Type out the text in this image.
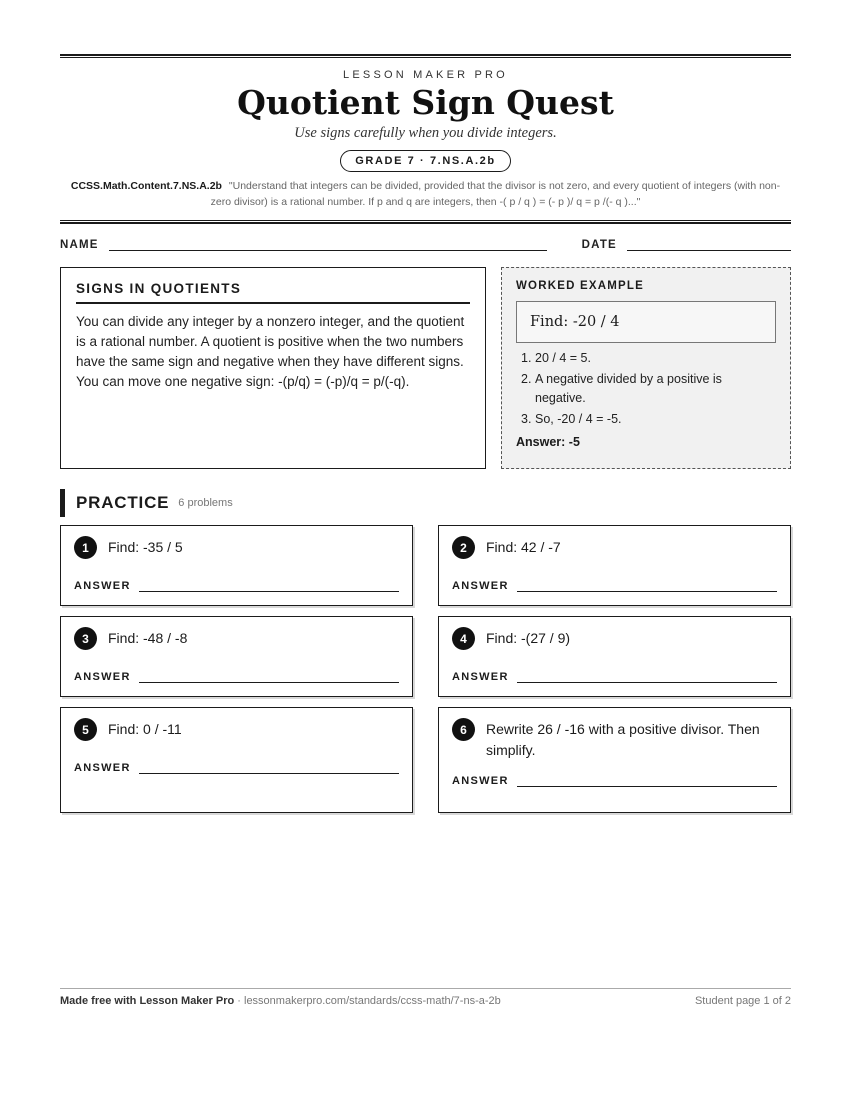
LESSON MAKER PRO
Quotient Sign Quest
Use signs carefully when you divide integers.
GRADE 7 · 7.NS.A.2b
CCSS.Math.Content.7.NS.A.2b "Understand that integers can be divided, provided that the divisor is not zero, and every quotient of integers (with non-zero divisor) is a rational number. If p and q are integers, then -( p / q ) = (- p )/ q = p /(- q )..."
NAME	DATE
SIGNS IN QUOTIENTS
You can divide any integer by a nonzero integer, and the quotient is a rational number. A quotient is positive when the two numbers have the same sign and negative when they have different signs. You can move one negative sign: -(p/q) = (-p)/q = p/(-q).
WORKED EXAMPLE
Find: -20 / 4
1. 20 / 4 = 5.
2. A negative divided by a positive is negative.
3. So, -20 / 4 = -5.
Answer: -5
PRACTICE 6 problems
1	Find: -35 / 5
ANSWER
2	Find: 42 / -7
ANSWER
3	Find: -48 / -8
ANSWER
4	Find: -(27 / 9)
ANSWER
5	Find: 0 / -11
ANSWER
6	Rewrite 26 / -16 with a positive divisor. Then simplify.
ANSWER
Made free with Lesson Maker Pro · lessonmakerpro.com/standards/ccss-math/7-ns-a-2b	Student page 1 of 2
